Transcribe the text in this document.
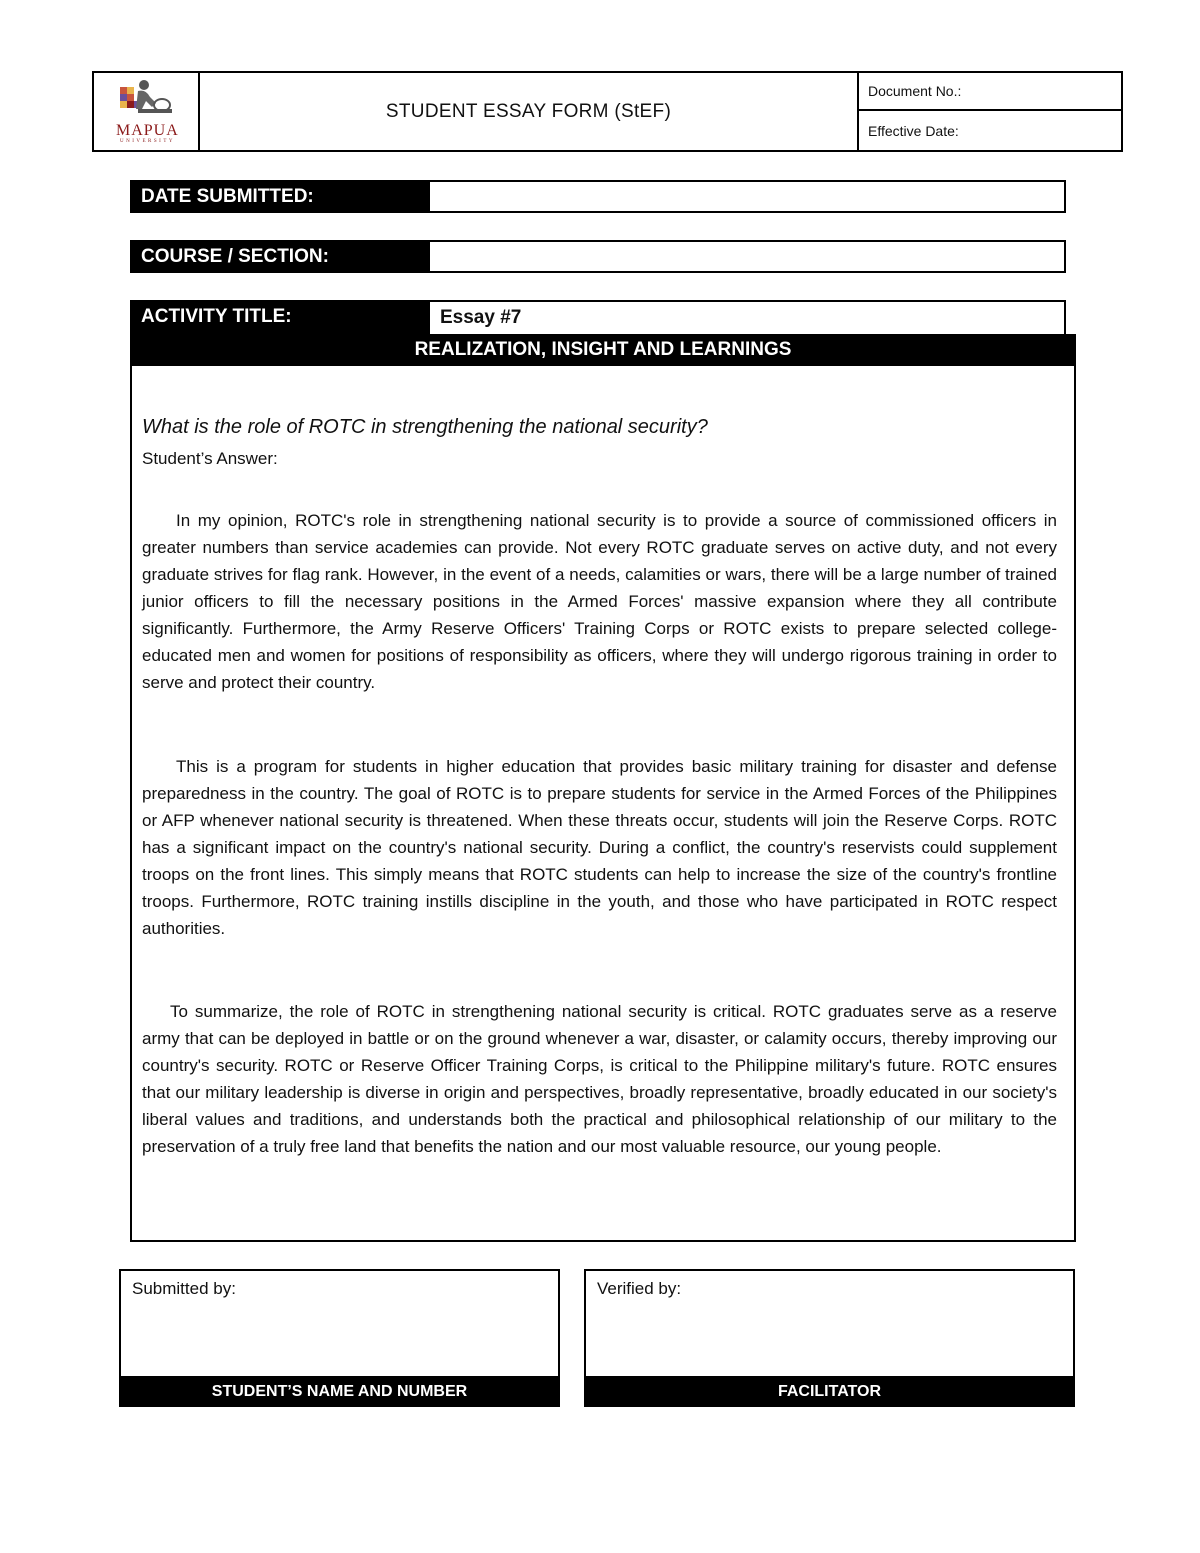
MAPUA
UNIVERSITY
STUDENT ESSAY FORM (StEF)
Document No.:
Effective Date:
DATE SUBMITTED:
COURSE / SECTION:
ACTIVITY TITLE:	Essay #7
REALIZATION, INSIGHT AND LEARNINGS
What is the role of ROTC in strengthening the national security?
Student’s Answer:

In my opinion, ROTC's role in strengthening national security is to provide a source of commissioned officers in greater numbers than service academies can provide. Not every ROTC graduate serves on active duty, and not every graduate strives for flag rank. However, in the event of a needs, calamities or wars, there will be a large number of trained junior officers to fill the necessary positions in the Armed Forces' massive expansion where they all contribute significantly. Furthermore, the Army Reserve Officers' Training Corps or ROTC exists to prepare selected college-educated men and women for positions of responsibility as officers, where they will undergo rigorous training in order to serve and protect their country.

This is a program for students in higher education that provides basic military training for disaster and defense preparedness in the country. The goal of ROTC is to prepare students for service in the Armed Forces of the Philippines or AFP whenever national security is threatened. When these threats occur, students will join the Reserve Corps. ROTC has a significant impact on the country's national security. During a conflict, the country's reservists could supplement troops on the front lines. This simply means that ROTC students can help to increase the size of the country's frontline troops. Furthermore, ROTC training instills discipline in the youth, and those who have participated in ROTC respect authorities.

To summarize, the role of ROTC in strengthening national security is critical. ROTC graduates serve as a reserve army that can be deployed in battle or on the ground whenever a war, disaster, or calamity occurs, thereby improving our country's security. ROTC or Reserve Officer Training Corps, is critical to the Philippine military's future. ROTC ensures that our military leadership is diverse in origin and perspectives, broadly representative, broadly educated in our society's liberal values and traditions, and understands both the practical and philosophical relationship of our military to the preservation of a truly free land that benefits the nation and our most valuable resource, our young people.

Submitted by:
STUDENT’S NAME AND NUMBER
Verified by:
FACILITATOR
